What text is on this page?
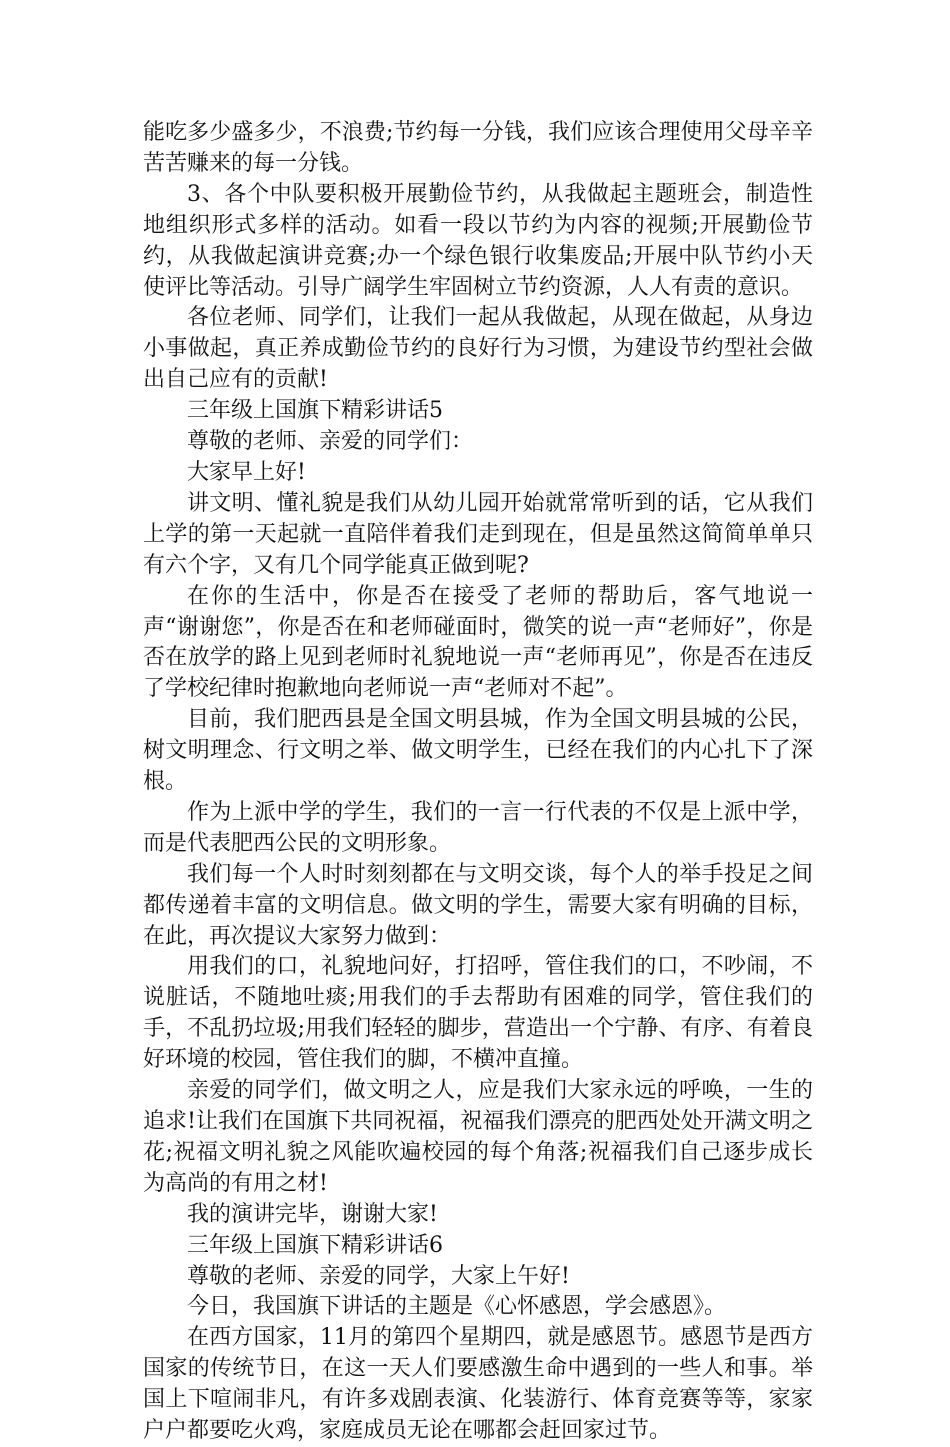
能吃多少盛多少，不浪费;节约每一分钱，我们应该合理使用父母辛辛苦苦赚来的每一分钱。

3、各个中队要积极开展勤俭节约，从我做起主题班会，制造性地组织形式多样的活动。如看一段以节约为内容的视频;开展勤俭节约，从我做起演讲竞赛;办一个绿色银行收集废品;开展中队节约小天使评比等活动。引导广阔学生牢固树立节约资源，人人有责的意识。

各位老师、同学们，让我们一起从我做起，从现在做起，从身边小事做起，真正养成勤俭节约的良好行为习惯，为建设节约型社会做出自己应有的贡献!

三年级上国旗下精彩讲话5

尊敬的老师、亲爱的同学们：

大家早上好!

讲文明、懂礼貌是我们从幼儿园开始就常常听到的话，它从我们上学的第一天起就一直陪伴着我们走到现在，但是虽然这简简单单只有六个字，又有几个同学能真正做到呢?

在你的生活中，你是否在接受了老师的帮助后，客气地说一声“谢谢您”，你是否在和老师碰面时，微笑的说一声“老师好”，你是否在放学的路上见到老师时礼貌地说一声“老师再见”，你是否在违反了学校纪律时抱歉地向老师说一声“老师对不起”。

目前，我们肥西县是全国文明县城，作为全国文明县城的公民，树文明理念、行文明之举、做文明学生，已经在我们的内心扎下了深根。

作为上派中学的学生，我们的一言一行代表的不仅是上派中学，而是代表肥西公民的文明形象。

我们每一个人时时刻刻都在与文明交谈，每个人的举手投足之间都传递着丰富的文明信息。做文明的学生，需要大家有明确的目标，在此，再次提议大家努力做到：

用我们的口，礼貌地问好，打招呼，管住我们的口，不吵闹，不说脏话，不随地吐痰;用我们的手去帮助有困难的同学，管住我们的手，不乱扔垃圾;用我们轻轻的脚步，营造出一个宁静、有序、有着良好环境的校园，管住我们的脚，不横冲直撞。

亲爱的同学们，做文明之人，应是我们大家永远的呼唤，一生的追求!让我们在国旗下共同祝福，祝福我们漂亮的肥西处处开满文明之花;祝福文明礼貌之风能吹遍校园的每个角落;祝福我们自己逐步成长为高尚的有用之材!

我的演讲完毕，谢谢大家!

三年级上国旗下精彩讲话6

尊敬的老师、亲爱的同学，大家上午好!

今日，我国旗下讲话的主题是《心怀感恩，学会感恩》。

在西方国家，11月的第四个星期四，就是感恩节。感恩节是西方国家的传统节日，在这一天人们要感激生命中遇到的一些人和事。举国上下喧闹非凡，有许多戏剧表演、化装游行、体育竞赛等等，家家户户都要吃火鸡，家庭成员无论在哪都会赶回家过节。
